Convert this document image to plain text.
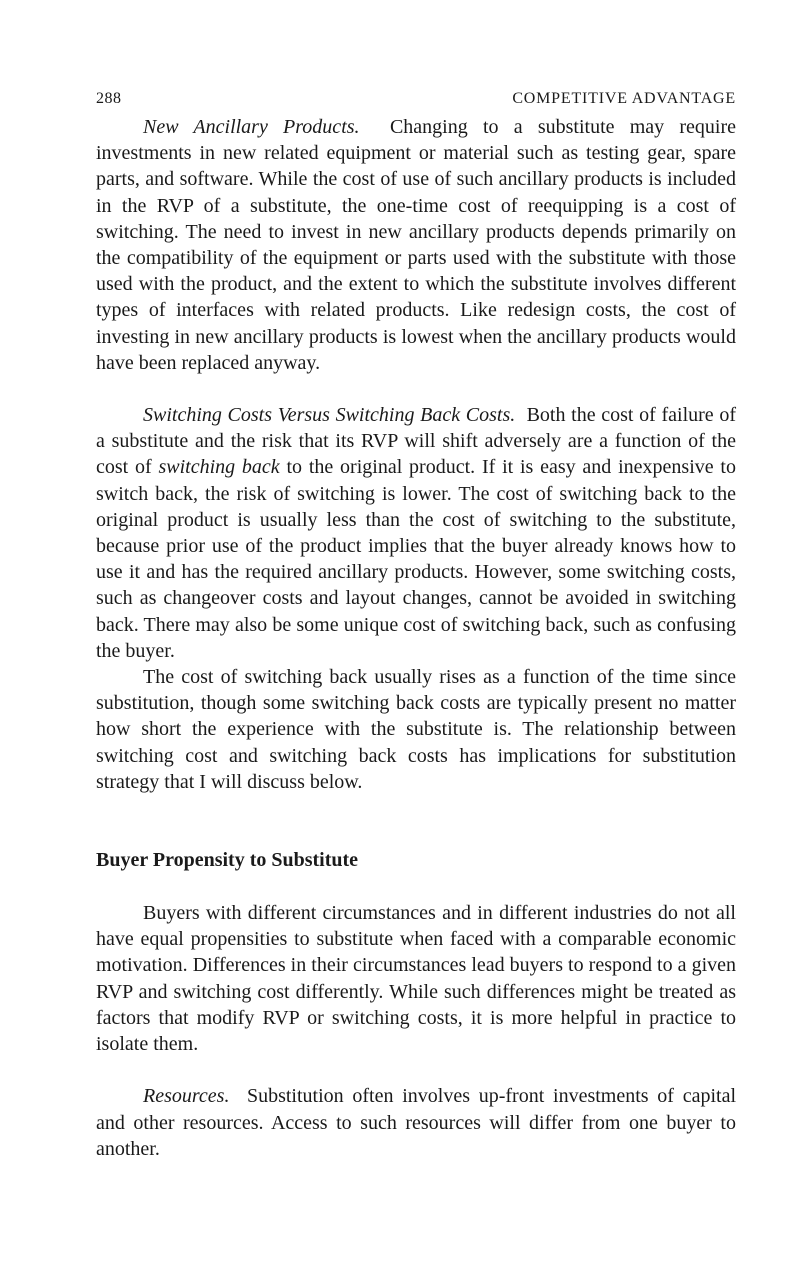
288	COMPETITIVE ADVANTAGE

New Ancillary Products. Changing to a substitute may require investments in new related equipment or material such as testing gear, spare parts, and software. While the cost of use of such ancillary products is included in the RVP of a substitute, the one-time cost of reequipping is a cost of switching. The need to invest in new ancillary products depends primarily on the compatibility of the equipment or parts used with the substitute with those used with the product, and the extent to which the substitute involves different types of interfaces with related products. Like redesign costs, the cost of investing in new ancillary products is lowest when the ancillary products would have been replaced anyway.

Switching Costs Versus Switching Back Costs. Both the cost of failure of a substitute and the risk that its RVP will shift adversely are a function of the cost of switching back to the original product. If it is easy and inexpensive to switch back, the risk of switching is lower. The cost of switching back to the original product is usually less than the cost of switching to the substitute, because prior use of the product implies that the buyer already knows how to use it and has the required ancillary products. However, some switching costs, such as changeover costs and layout changes, cannot be avoided in switching back. There may also be some unique cost of switching back, such as confusing the buyer.

The cost of switching back usually rises as a function of the time since substitution, though some switching back costs are typically present no matter how short the experience with the substitute is. The relationship between switching cost and switching back costs has implications for substitution strategy that I will discuss below.

Buyer Propensity to Substitute

Buyers with different circumstances and in different industries do not all have equal propensities to substitute when faced with a comparable economic motivation. Differences in their circumstances lead buyers to respond to a given RVP and switching cost differently. While such differences might be treated as factors that modify RVP or switching costs, it is more helpful in practice to isolate them.

Resources. Substitution often involves up-front investments of capital and other resources. Access to such resources will differ from one buyer to another.
